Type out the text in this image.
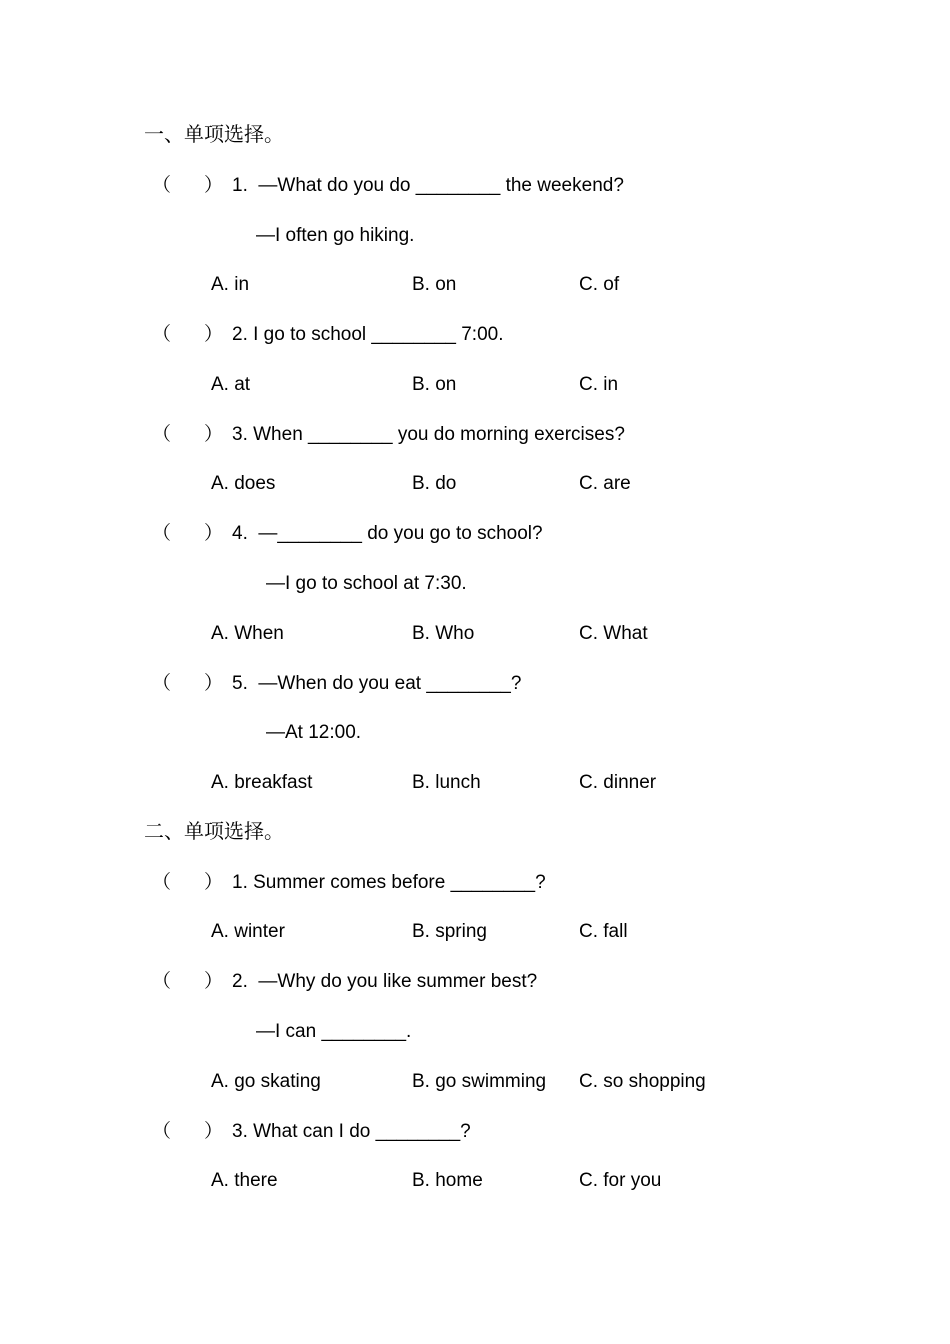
一、单项选择。
（ ） 1.  —What do you do ________ the weekend?
—I often go hiking.
A. in	B. on	C. of
（ ） 2. I go to school ________ 7:00.
A. at	B. on	C. in
（ ） 3. When ________ you do morning exercises?
A. does	B. do	C. are
（ ） 4.  —________ do you go to school?
—I go to school at 7:30.
A. When	B. Who	C. What
（ ） 5.  —When do you eat ________?
—At 12:00.
A. breakfast	B. lunch	C. dinner
二、单项选择。
（ ） 1. Summer comes before ________?
A. winter	B. spring	C. fall
（ ） 2.  —Why do you like summer best?
—I can ________.
A. go skating	B. go swimming C. so shopping
（ ） 3. What can I do ________?
A. there	B. home	C. for you
